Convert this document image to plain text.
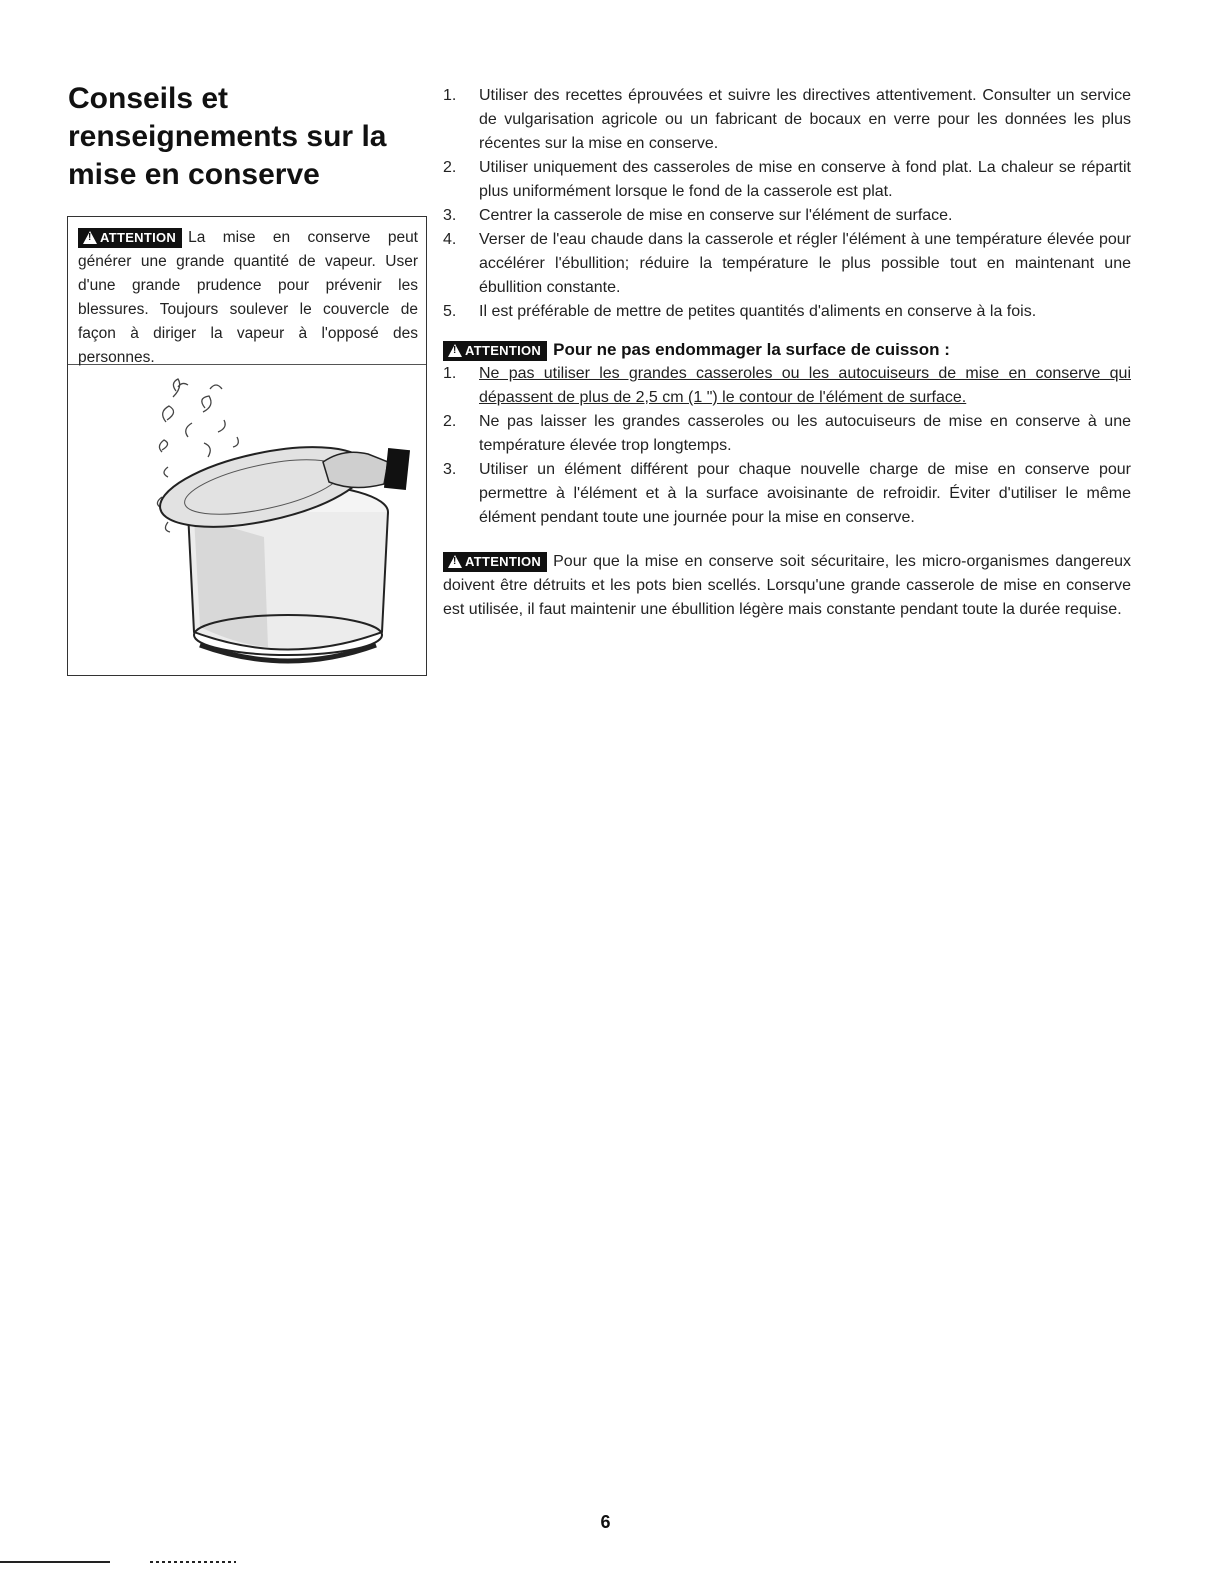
Conseils et renseignements sur la mise en conserve
!
ATTENTION La mise en conserve peut générer une grande quantité de vapeur. User d'une grande prudence pour prévenir les blessures. Toujours soulever le couvercle de façon à diriger la vapeur à l'opposé des personnes.
1. Utiliser des recettes éprouvées et suivre les directives attentivement. Consulter un service de vulgarisation agricole ou un fabricant de bocaux en verre pour les données les plus récentes sur la mise en conserve.
2. Utiliser uniquement des casseroles de mise en conserve à fond plat. La chaleur se répartit plus uniformément lorsque le fond de la casserole est plat.
3. Centrer la casserole de mise en conserve sur l'élément de surface.
4. Verser de l'eau chaude dans la casserole et régler l'élément à une température élevée pour accélérer l'ébullition; réduire la température le plus possible tout en maintenant une ébullition constante.
5. Il est préférable de mettre de petites quantités d'aliments en conserve à la fois.
!
ATTENTION Pour ne pas endommager la surface de cuisson :
1. Ne pas utiliser les grandes casseroles ou les autocuiseurs de mise en conserve qui dépassent de plus de 2,5 cm (1 ") le contour de l'élément de surface.
2. Ne pas laisser les grandes casseroles ou les autocuiseurs de mise en conserve à une température élevée trop longtemps.
3. Utiliser un élément différent pour chaque nouvelle charge de mise en conserve pour permettre à l'élément et à la surface avoisinante de refroidir. Éviter d'utiliser le même élément pendant toute une journée pour la mise en conserve.
!
ATTENTION Pour que la mise en conserve soit sécuritaire, les micro-organismes dangereux doivent être détruits et les pots bien scellés. Lorsqu'une grande casserole de mise en conserve est utilisée, il faut maintenir une ébullition légère mais constante pendant toute la durée requise.
6
